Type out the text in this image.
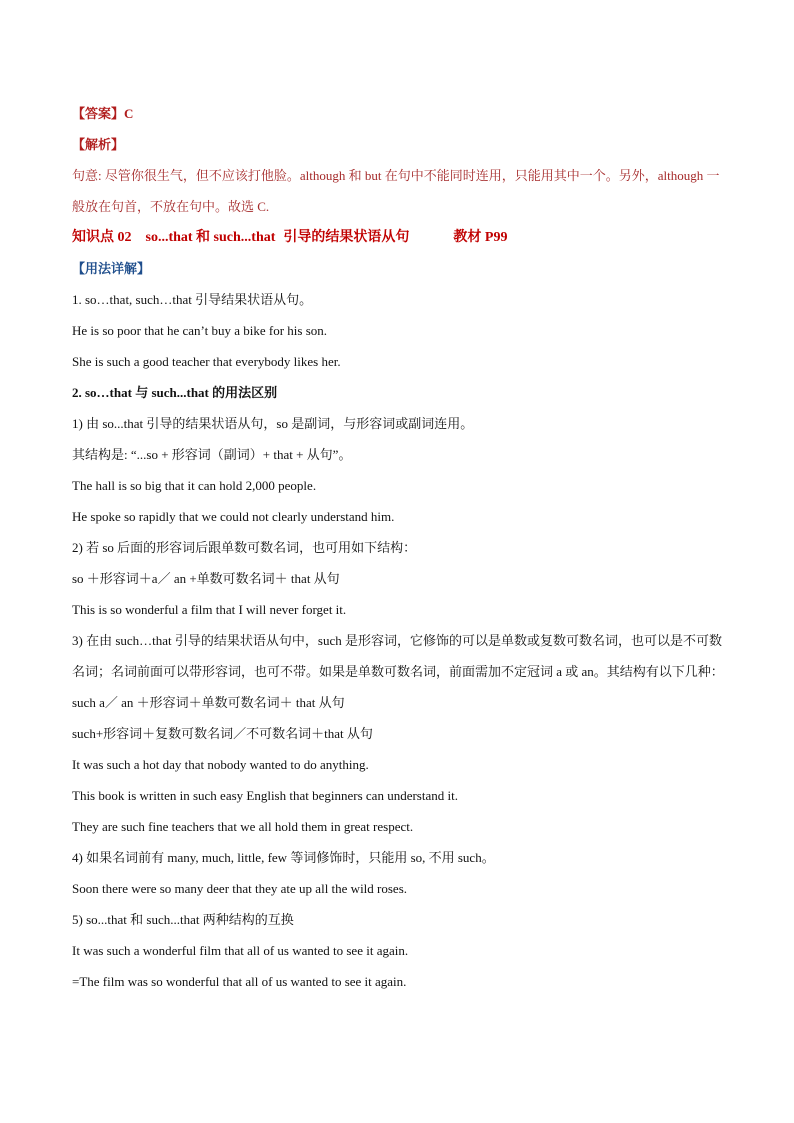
【答案】C
【解析】
句意: 尽管你很生气，但不应该打他脸。although 和 but 在句中不能同时连用，只能用其中一个。另外，although 一般放在句首，不放在句中。故选 C.
知识点 02 so...that 和 such...that 引导的结果状语从句	教材 P99
【用法详解】
1. so…that, such…that 引导结果状语从句。
He is so poor that he can’t buy a bike for his son.
She is such a good teacher that everybody likes her.
2. so…that 与 such...that 的用法区别
1) 由 so...that 引导的结果状语从句，so 是副词，与形容词或副词连用。
其结构是: “...so + 形容词（副词）+ that + 从句”。
The hall is so big that it can hold 2,000 people.
He spoke so rapidly that we could not clearly understand him.
2) 若 so 后面的形容词后跟单数可数名词，也可用如下结构：
so ＋形容词＋a／ an +单数可数名词＋ that 从句
This is so wonderful a film that I will never forget it.
3) 在由 such…that 引导的结果状语从句中，such 是形容词，它修饰的可以是单数或复数可数名词，也可以是不可数名词；名词前面可以带形容词，也可不带。如果是单数可数名词，前面需加不定冠词 a 或 an。其结构有以下几种：
such a／ an ＋形容词＋单数可数名词＋ that 从句
such+形容词＋复数可数名词／不可数名词＋that 从句
It was such a hot day that nobody wanted to do anything.
This book is written in such easy English that beginners can understand it.
They are such fine teachers that we all hold them in great respect.
4) 如果名词前有 many, much, little, few 等词修饰时，只能用 so, 不用 such。
Soon there were so many deer that they ate up all the wild roses.
5) so...that 和 such...that 两种结构的互换
It was such a wonderful film that all of us wanted to see it again.
=The film was so wonderful that all of us wanted to see it again.
